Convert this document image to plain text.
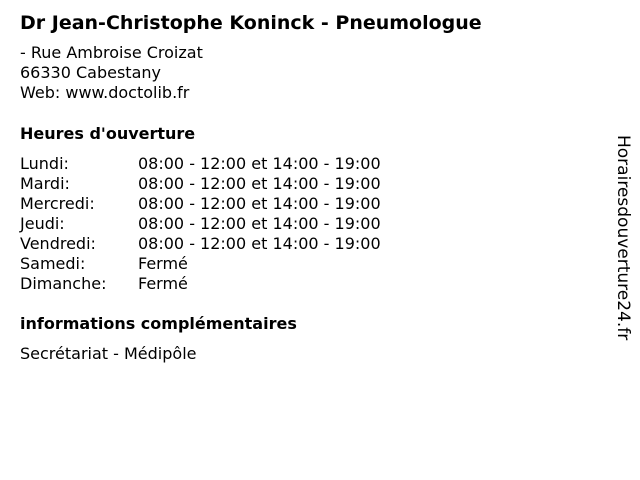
Dr Jean-Christophe Koninck - Pneumologue
- Rue Ambroise Croizat
66330 Cabestany
Web: www.doctolib.fr
Heures d'ouverture
Lundi:	08:00 - 12:00 et 14:00 - 19:00
Mardi:	08:00 - 12:00 et 14:00 - 19:00
Mercredi:	08:00 - 12:00 et 14:00 - 19:00
Jeudi:	08:00 - 12:00 et 14:00 - 19:00
Vendredi:	08:00 - 12:00 et 14:00 - 19:00
Samedi:	Fermé
Dimanche: Fermé
informations complémentaires
Secrétariat - Médipôle
Horairesdouverture24.fr
